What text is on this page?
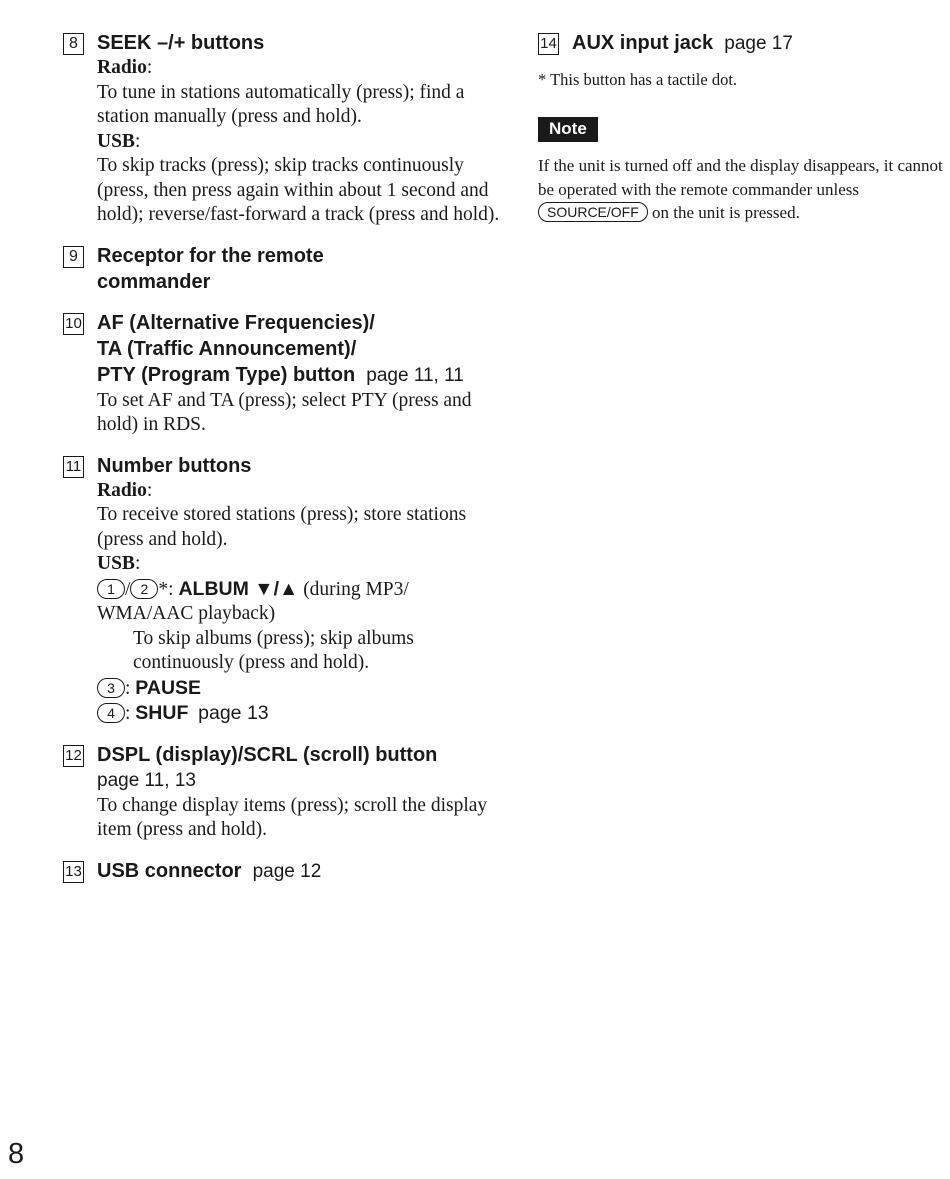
8 SEEK –/+ buttons
Radio:
To tune in stations automatically (press); find a station manually (press and hold).
USB:
To skip tracks (press); skip tracks continuously (press, then press again within about 1 second and hold); reverse/fast-forward a track (press and hold).
9 Receptor for the remote commander
10 AF (Alternative Frequencies)/
TA (Traffic Announcement)/
PTY (Program Type) button page 11, 11
To set AF and TA (press); select PTY (press and hold) in RDS.
11 Number buttons
Radio:
To receive stored stations (press); store stations (press and hold).
USB:
1 / 2 *: ALBUM ▼/▲ (during MP3/ WMA/AAC playback)
To skip albums (press); skip albums continuously (press and hold).
3 : PAUSE
4 : SHUF page 13
12 DSPL (display)/SCRL (scroll) button
page 11, 13
To change display items (press); scroll the display item (press and hold).
13 USB connector page 12
14 AUX input jack page 17
* This button has a tactile dot.
Note
If the unit is turned off and the display disappears, it cannot be operated with the remote commander unless SOURCE/OFF on the unit is pressed.
8
